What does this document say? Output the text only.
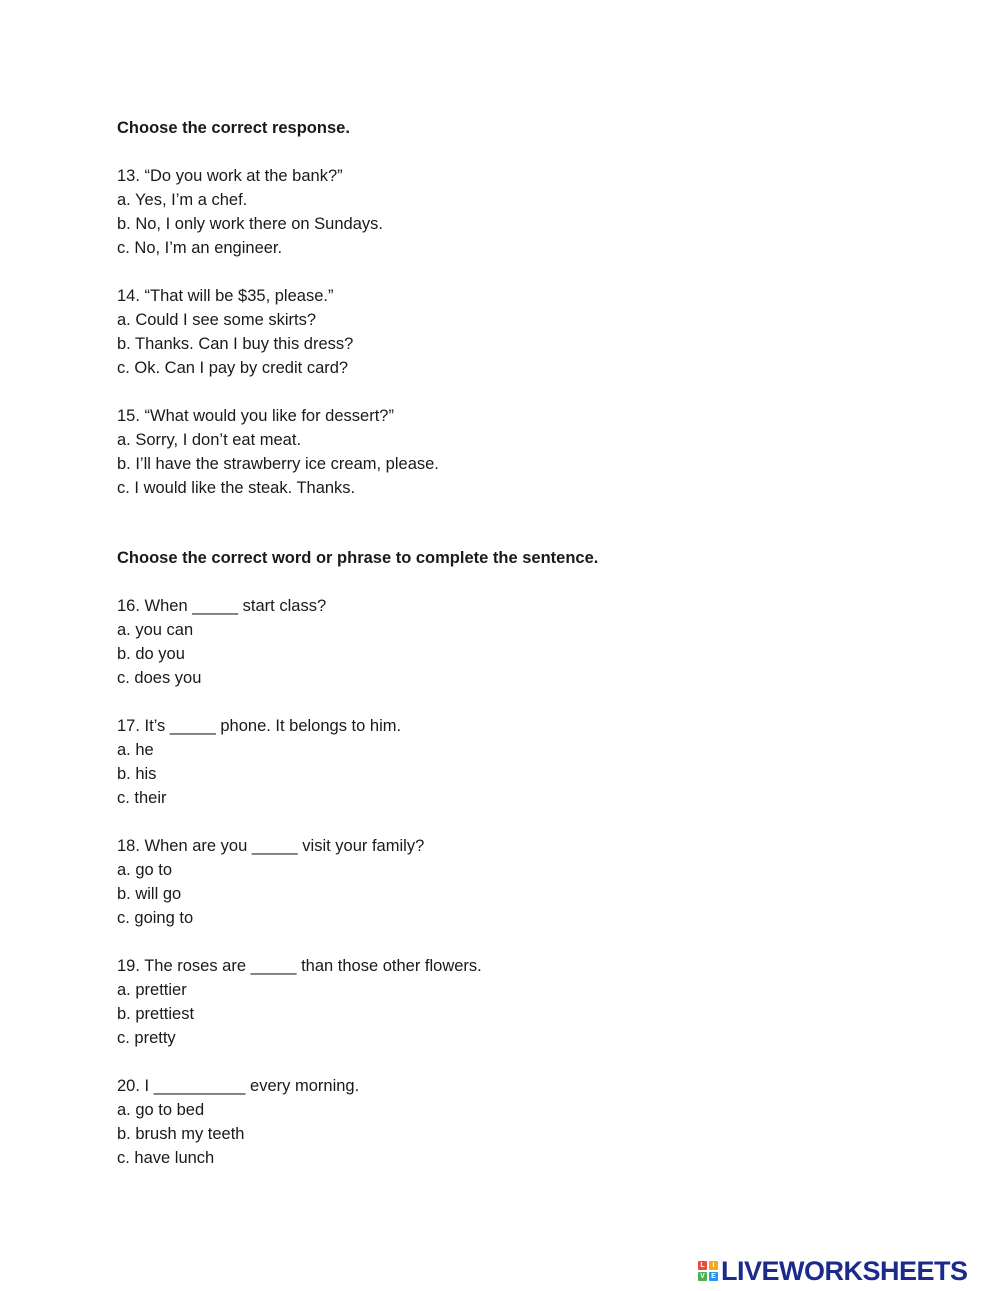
Choose the correct response.
13. “Do you work at the bank?”
a. Yes, I’m a chef.
b. No, I only work there on Sundays.
c. No, I’m an engineer.
14. “That will be $35, please.”
a. Could I see some skirts?
b. Thanks. Can I buy this dress?
c. Ok. Can I pay by credit card?
15. “What would you like for dessert?”
a. Sorry, I don’t eat meat.
b. I’ll have the strawberry ice cream, please.
c. I would like the steak. Thanks.
Choose the correct word or phrase to complete the sentence.
16. When _____ start class?
a. you can
b. do you
c. does you
17. It’s _____ phone. It belongs to him.
a. he
b. his
c. their
18. When are you _____ visit your family?
a. go to
b. will go
c. going to
19. The roses are _____ than those other flowers.
a. prettier
b. prettiest
c. pretty
20. I __________ every morning.
a. go to bed
b. brush my teeth
c. have lunch
L	I
V E LIVEWORKSHEETS
